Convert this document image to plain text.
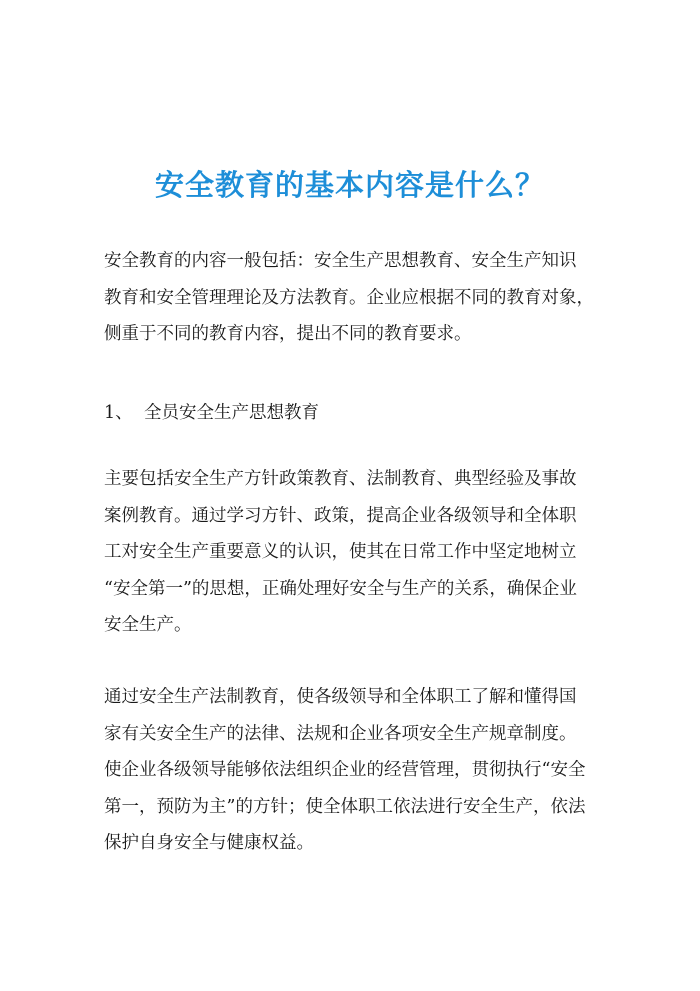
安全教育的基本内容是什么？
安全教育的内容一般包括：安全生产思想教育、安全生产知识
教育和安全管理理论及方法教育。企业应根据不同的教育对象，
侧重于不同的教育内容，提出不同的教育要求。
1、 全员安全生产思想教育
主要包括安全生产方针政策教育、法制教育、典型经验及事故
案例教育。通过学习方针、政策，提高企业各级领导和全体职
工对安全生产重要意义的认识，使其在日常工作中坚定地树立
“安全第一”的思想，正确处理好安全与生产的关系，确保企业
安全生产。
通过安全生产法制教育，使各级领导和全体职工了解和懂得国
家有关安全生产的法律、法规和企业各项安全生产规章制度。
使企业各级领导能够依法组织企业的经营管理，贯彻执行“安全
第一，预防为主”的方针；使全体职工依法进行安全生产，依法
保护自身安全与健康权益。
